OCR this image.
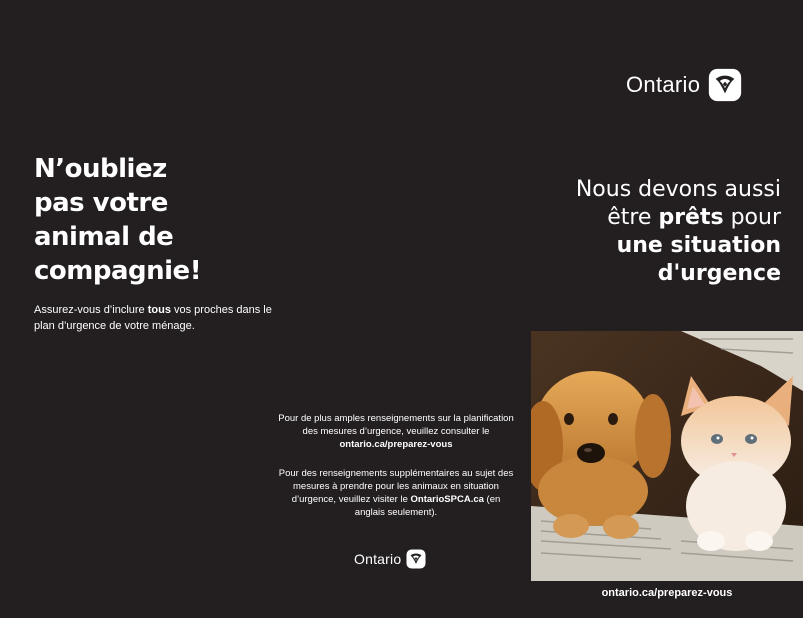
N’oubliez
pas votre
animal de
compagnie!
Assurez-vous d’inclure tous vos proches dans le plan d’urgence de votre ménage.
Pour de plus amples renseignements sur la planification des mesures d’urgence, veuillez consulter le ontario.ca/preparez-vous
Pour des renseignements supplémentaires au sujet des mesures à prendre pour les animaux en situation d’urgence, veuillez visiter le OntarioSPCA.ca (en anglais seulement).
Ontario
Ontario
Nous devons aussi
être prêts pour
une situation
d'urgence
ontario.ca/preparez-vous
